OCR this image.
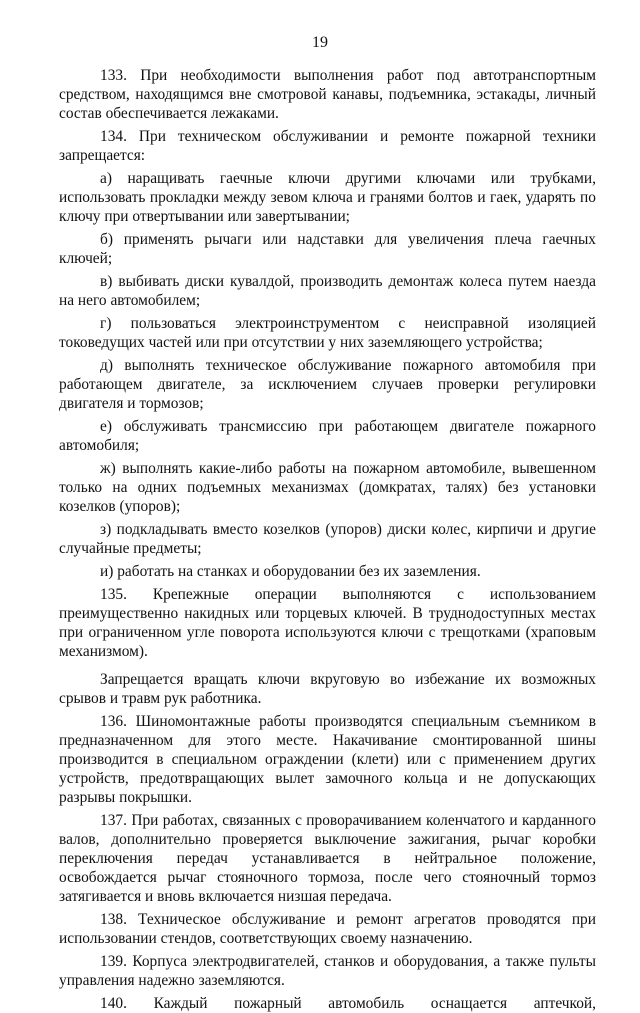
19

133. При необходимости выполнения работ под автотранспортным средством, находящимся вне смотровой канавы, подъемника, эстакады, личный состав обеспечивается лежаками.

134. При техническом обслуживании и ремонте пожарной техники запрещается:

а) наращивать гаечные ключи другими ключами или трубками, использовать прокладки между зевом ключа и гранями болтов и гаек, ударять по ключу при отвертывании или завертывании;

б) применять рычаги или надставки для увеличения плеча гаечных ключей;

в) выбивать диски кувалдой, производить демонтаж колеса путем наезда на него автомобилем;

г) пользоваться электроинструментом с неисправной изоляцией токоведущих частей или при отсутствии у них заземляющего устройства;

д) выполнять техническое обслуживание пожарного автомобиля при работающем двигателе, за исключением случаев проверки регулировки двигателя и тормозов;

е) обслуживать трансмиссию при работающем двигателе пожарного автомобиля;

ж) выполнять какие-либо работы на пожарном автомобиле, вывешенном только на одних подъемных механизмах (домкратах, талях) без установки козелков (упоров);

з) подкладывать вместо козелков (упоров) диски колес, кирпичи и другие случайные предметы;

и) работать на станках и оборудовании без их заземления.

135. Крепежные операции выполняются с использованием преимущественно накидных или торцевых ключей. В труднодоступных местах при ограниченном угле поворота используются ключи с трещотками (храповым механизмом).

Запрещается вращать ключи вкруговую во избежание их возможных срывов и травм рук работника.

136. Шиномонтажные работы производятся специальным съемником в предназначенном для этого месте. Накачивание смонтированной шины производится в специальном ограждении (клети) или с применением других устройств, предотвращающих вылет замочного кольца и не допускающих разрывы покрышки.

137. При работах, связанных с проворачиванием коленчатого и карданного валов, дополнительно проверяется выключение зажигания, рычаг коробки переключения передач устанавливается в нейтральное положение, освобождается рычаг стояночного тормоза, после чего стояночный тормоз затягивается и вновь включается низшая передача.

138. Техническое обслуживание и ремонт агрегатов проводятся при использовании стендов, соответствующих своему назначению.

139. Корпуса электродвигателей, станков и оборудования, а также пульты управления надежно заземляются.

140. Каждый пожарный автомобиль оснащается аптечкой,
